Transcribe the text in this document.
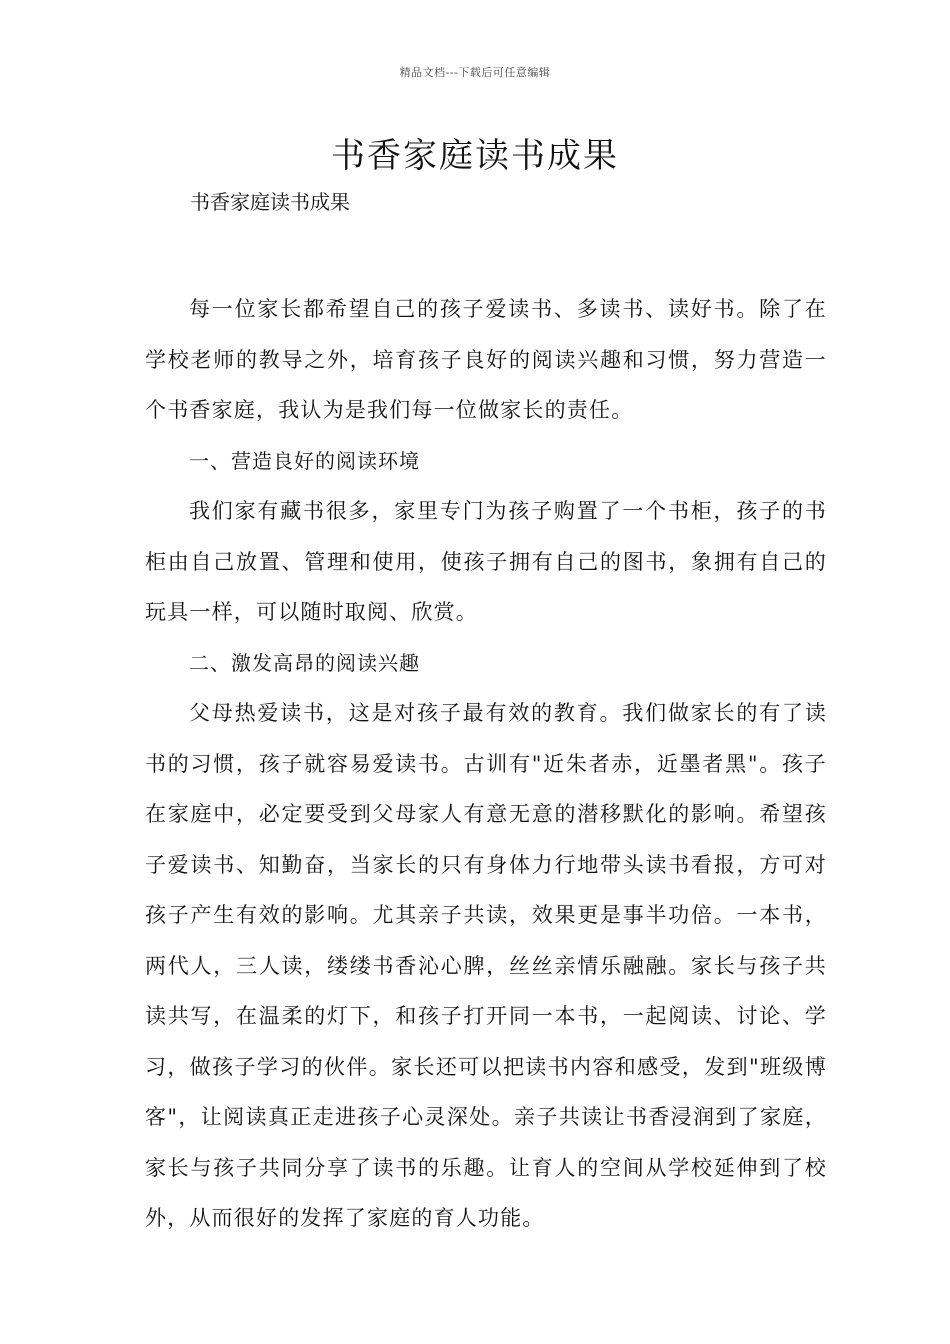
精品文档---下载后可任意编辑
书香家庭读书成果

书香家庭读书成果

每一位家长都希望自己的孩子爱读书、多读书、读好书。除了在学校老师的教导之外，培育孩子良好的阅读兴趣和习惯，努力营造一个书香家庭，我认为是我们每一位做家长的责任。

一、营造良好的阅读环境

我们家有藏书很多，家里专门为孩子购置了一个书柜，孩子的书柜由自己放置、管理和使用，使孩子拥有自己的图书，象拥有自己的玩具一样，可以随时取阅、欣赏。

二、激发高昂的阅读兴趣

父母热爱读书，这是对孩子最有效的教育。我们做家长的有了读书的习惯，孩子就容易爱读书。古训有"近朱者赤，近墨者黑"。孩子在家庭中，必定要受到父母家人有意无意的潜移默化的影响。希望孩子爱读书、知勤奋，当家长的只有身体力行地带头读书看报，方可对孩子产生有效的影响。尤其亲子共读，效果更是事半功倍。一本书，两代人，三人读，缕缕书香沁心脾，丝丝亲情乐融融。家长与孩子共读共写，在温柔的灯下，和孩子打开同一本书，一起阅读、讨论、学习，做孩子学习的伙伴。家长还可以把读书内容和感受，发到"班级博客"，让阅读真正走进孩子心灵深处。亲子共读让书香浸润到了家庭，家长与孩子共同分享了读书的乐趣。让育人的空间从学校延伸到了校外，从而很好的发挥了家庭的育人功能。
